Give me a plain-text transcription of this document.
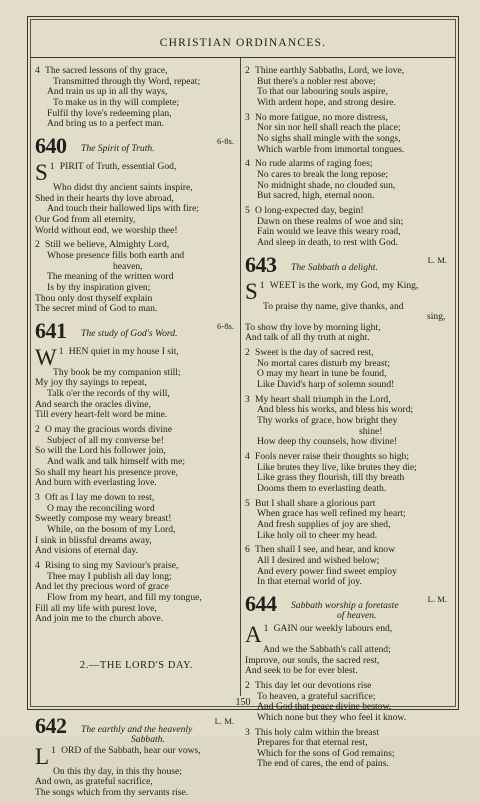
CHRISTIAN ORDINANCES.
4 The sacred lessons of thy grace,
Transmitted through thy Word, repeat;
And train us up in all thy ways,
To make us in thy will complete;
Fulfil thy love's redeeming plan,
And bring us to a perfect man.
640 The Spirit of Truth.
6-8s.
1
S PIRIT of Truth, essential God,
Who didst thy ancient saints inspire,
Shed in their hearts thy love abroad,
And touch their hallowed lips with fire;
Our God from all eternity,
World without end, we worship thee!
2 Still we believe, Almighty Lord,
Whose presence fills both earth and
heaven,
The meaning of the written word
Is by thy inspiration given;
Thou only dost thyself explain
The secret mind of God to man.
641 The study of God's Word.
6-8s.
1
W HEN quiet in my house I sit,
Thy book be my companion still;
My joy thy sayings to repeat,
Talk o'er the records of thy will,
And search the oracles divine,
Till every heart-felt word be mine.
2 O may the gracious words divine
Subject of all my converse be!
So will the Lord his follower join,
And walk and talk himself with me;
So shall my heart his presence prove,
And burn with everlasting love.
3 Oft as I lay me down to rest,
O may the reconciling word
Sweetly compose my weary breast!
While, on the bosom of my Lord,
I sink in blissful dreams away,
And visions of eternal day.
4 Rising to sing my Saviour's praise,
Thee may I publish all day long;
And let thy precious word of grace
Flow from my heart, and fill my tongue,
Fill all my life with purest love,
And join me to the church above.
2.—THE LORD'S DAY.
642 The earthly and the heavenly
Sabbath.
L. M.
1
L ORD of the Sabbath, hear our vows,
On this thy day, in this thy house;
And own, as grateful sacrifice,
The songs which from thy servants rise.
2 Thine earthly Sabbaths, Lord, we love,
But there's a nobler rest above;
To that our labouring souls aspire,
With ardent hope, and strong desire.
3 No more fatigue, no more distress,
Nor sin nor hell shall reach the place;
No sighs shall mingle with the songs,
Which warble from immortal tongues.
4 No rude alarms of raging foes;
No cares to break the long repose;
No midnight shade, no clouded sun,
But sacred, high, eternal noon.
5 O long-expected day, begin!
Dawn on these realms of woe and sin;
Fain would we leave this weary road,
And sleep in death, to rest with God.
643 The Sabbath a delight.
L. M.
1
S WEET is the work, my God, my King,
To praise thy name, give thanks, and
sing,
To show thy love by morning light,
And talk of all thy truth at night.
2 Sweet is the day of sacred rest,
No mortal cares disturb my breast;
O may my heart in tune be found,
Like David's harp of solemn sound!
3 My heart shall triumph in the Lord,
And bless his works, and bless his word;
Thy works of grace, how bright they
shine!
How deep thy counsels, how divine!
4 Fools never raise their thoughts so high;
Like brutes they live, like brutes they die;
Like grass they flourish, till thy breath
Dooms them to everlasting death.
5 But I shall share a glorious part
When grace has well refined my heart;
And fresh supplies of joy are shed,
Like holy oil to cheer my head.
6 Then shall I see, and hear, and know
All I desired and wished below;
And every power find sweet employ
In that eternal world of joy.
644 Sabbath worship a foretaste
of heaven.
L. M.
1
A GAIN our weekly labours end,
And we the Sabbath's call attend;
Improve, our souls, the sacred rest,
And seek to be for ever blest.
2 This day let our devotions rise
To heaven, a grateful sacrifice;
And God that peace divine bestow,
Which none but they who feel it know.
3 This holy calm within the breast
Prepares for that eternal rest,
Which for the sons of God remains;
The end of cares, the end of pains.
150
